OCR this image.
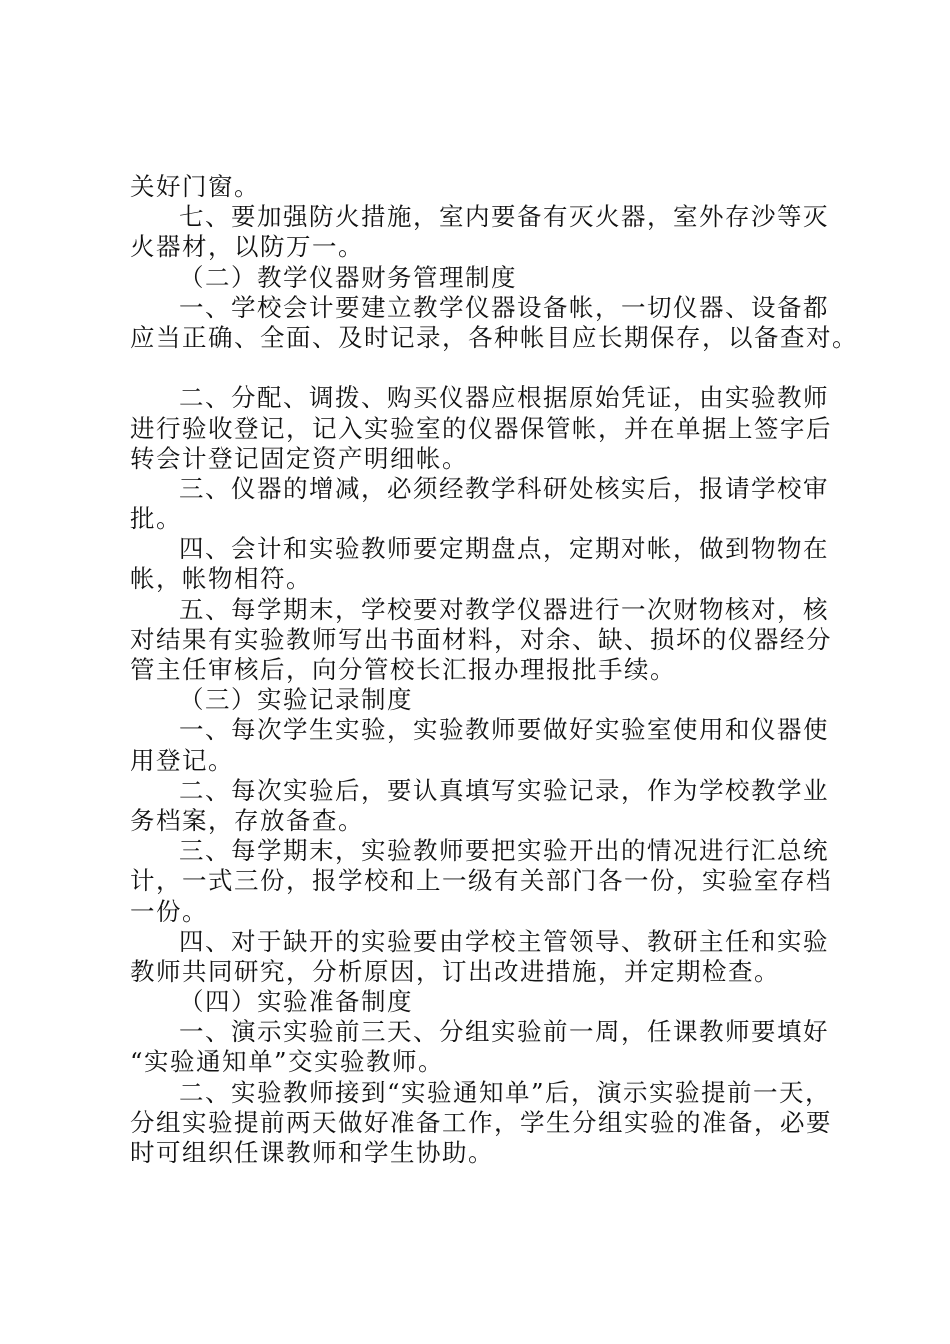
关好门窗。
七、要加强防火措施，室内要备有灭火器，室外存沙等灭
火器材，以防万一。
（二）教学仪器财务管理制度
一、学校会计要建立教学仪器设备帐，一切仪器、设备都
应当正确、全面、及时记录，各种帐目应长期保存，以备查对。
二、分配、调拨、购买仪器应根据原始凭证，由实验教师
进行验收登记，记入实验室的仪器保管帐，并在单据上签字后
转会计登记固定资产明细帐。
三、仪器的增减，必须经教学科研处核实后，报请学校审
批。
四、会计和实验教师要定期盘点，定期对帐，做到物物在
帐，帐物相符。
五、每学期末，学校要对教学仪器进行一次财物核对，核
对结果有实验教师写出书面材料，对余、缺、损坏的仪器经分
管主任审核后，向分管校长汇报办理报批手续。
（三）实验记录制度
一、每次学生实验，实验教师要做好实验室使用和仪器使
用登记。
二、每次实验后，要认真填写实验记录，作为学校教学业
务档案，存放备查。
三、每学期末，实验教师要把实验开出的情况进行汇总统
计，一式三份，报学校和上一级有关部门各一份，实验室存档
一份。
四、对于缺开的实验要由学校主管领导、教研主任和实验
教师共同研究，分析原因，订出改进措施，并定期检查。
（四）实验准备制度
一、演示实验前三天、分组实验前一周，任课教师要填好
“实验通知单”交实验教师。
二、实验教师接到“实验通知单”后，演示实验提前一天，
分组实验提前两天做好准备工作，学生分组实验的准备，必要
时可组织任课教师和学生协助。
